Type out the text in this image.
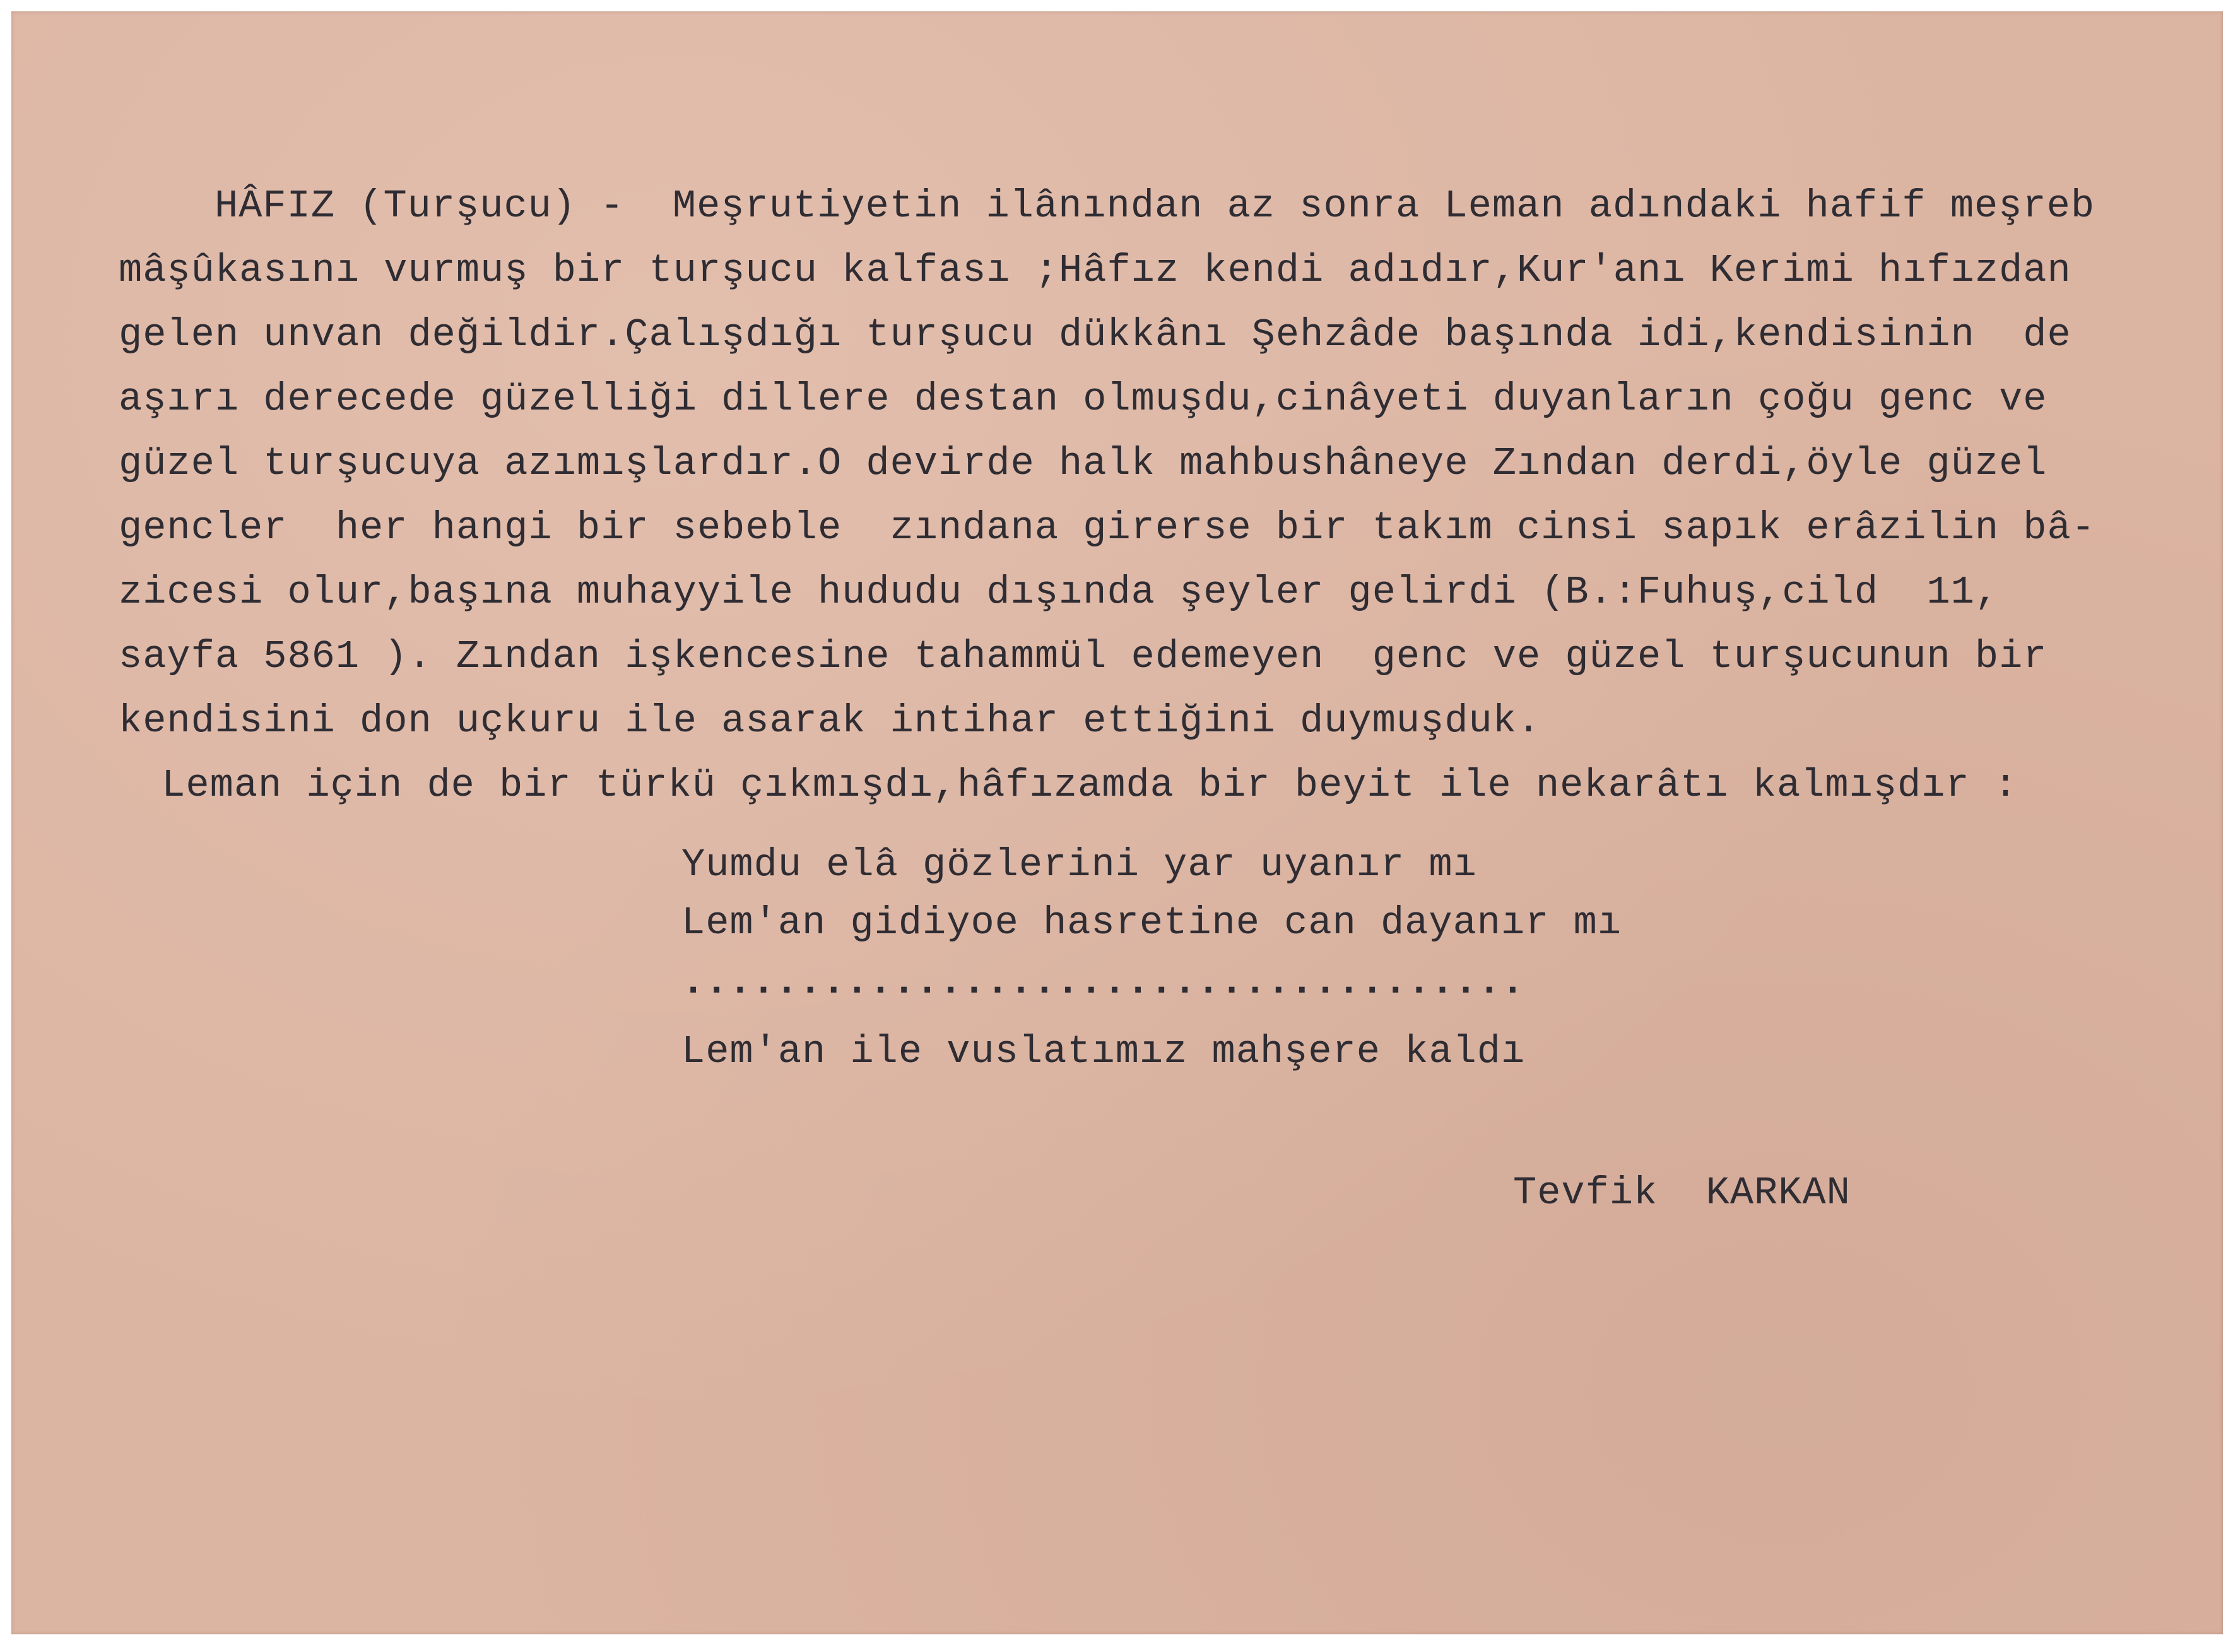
HÂFIZ (Turşucu) -  Meşrutiyetin ilânından az sonra Leman adındaki hafif meşreb

mâşûkasını vurmuş bir turşucu kalfası ;Hâfız kendi adıdır,Kur'anı Kerimi hıfızdan

gelen unvan değildir.Çalışdığı turşucu dükkânı Şehzâde başında idi,kendisinin  de

aşırı derecede güzelliği dillere destan olmuşdu,cinâyeti duyanların çoğu genc ve

güzel turşucuya azımışlardır.O devirde halk mahbushâneye Zından derdi,öyle güzel

gencler  her hangi bir sebeble  zındana girerse bir takım cinsi sapık erâzilin bâ-

zicesi olur,başına muhayyile hududu dışında şeyler gelirdi (B.:Fuhuş,cild  11,

sayfa 5861 ). Zından işkencesine tahammül edemeyen  genc ve güzel turşucunun bir

kendisini don uçkuru ile asarak intihar ettiğini duymuşduk.

Leman için de bir türkü çıkmışdı,hâfızamda bir beyit ile nekarâtı kalmışdır :

Yumdu elâ gözlerini yar uyanır mı

Lem'an gidiyoe hasretine can dayanır mı

....................................

Lem'an ile vuslatımız mahşere kaldı

Tevfik  KARKAN
